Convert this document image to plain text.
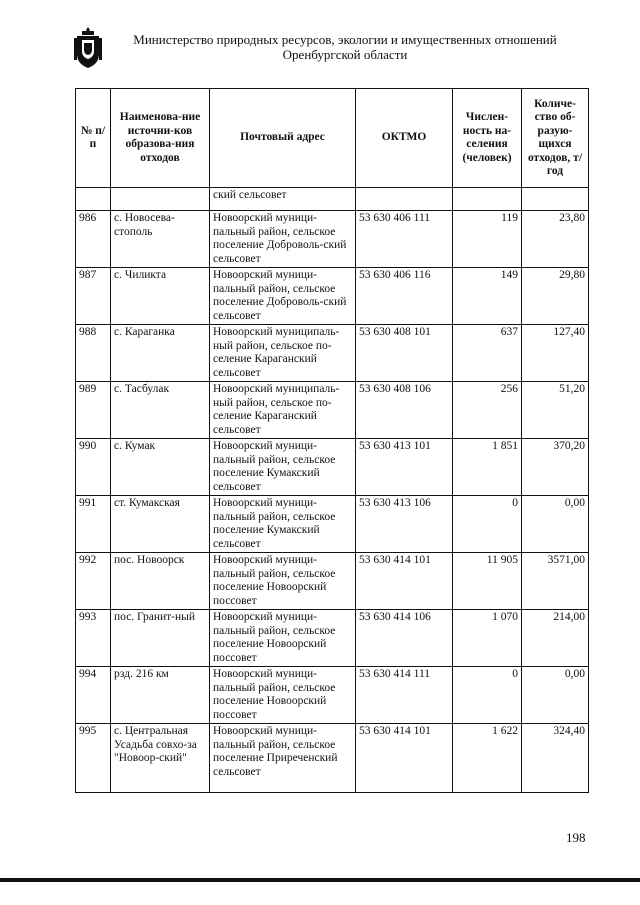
Министерство природных ресурсов, экологии и имущественных отношений
Оренбургской области
№ п/п	Наименова-ние источни-ков образова-ния отходов	Почтовый адрес	ОКТМО	Числен-ность на-селения (человек)	Количе-ство об-разую-щихся отходов, т/год
		ский сельсовет			
986	с. Новосева-стополь	Новоорский муници-пальный район, сельское поселение Доброволь-ский сельсовет	53 630 406 111	119	23,80
987	с. Чиликта	Новоорский муници-пальный район, сельское поселение Доброволь-ский сельсовет	53 630 406 116	149	29,80
988	с. Караганка	Новоорский муниципаль-ный район, сельское по-селение Караганский сельсовет	53 630 408 101	637	127,40
989	с. Тасбулак	Новоорский муниципаль-ный район, сельское по-селение Караганский сельсовет	53 630 408 106	256	51,20
990	с. Кумак	Новоорский муници-пальный район, сельское поселение Кумакский сельсовет	53 630 413 101	1 851	370,20
991	ст. Кумакская	Новоорский муници-пальный район, сельское поселение Кумакский сельсовет	53 630 413 106	0	0,00
992	пос. Новоорск	Новоорский муници-пальный район, сельское поселение Новоорский поссовет	53 630 414 101	11 905	3571,00
993	пос. Гранит-ный	Новоорский муници-пальный район, сельское поселение Новоорский поссовет	53 630 414 106	1 070	214,00
994	рзд. 216 км	Новоорский муници-пальный район, сельское поселение Новоорский поссовет	53 630 414 111	0	0,00
995	с. Центральная Усадьба совхо-за "Новоор-ский"	Новоорский муници-пальный район, сельское поселение Приреченский сельсовет	53 630 414 101	1 622	324,40
198
